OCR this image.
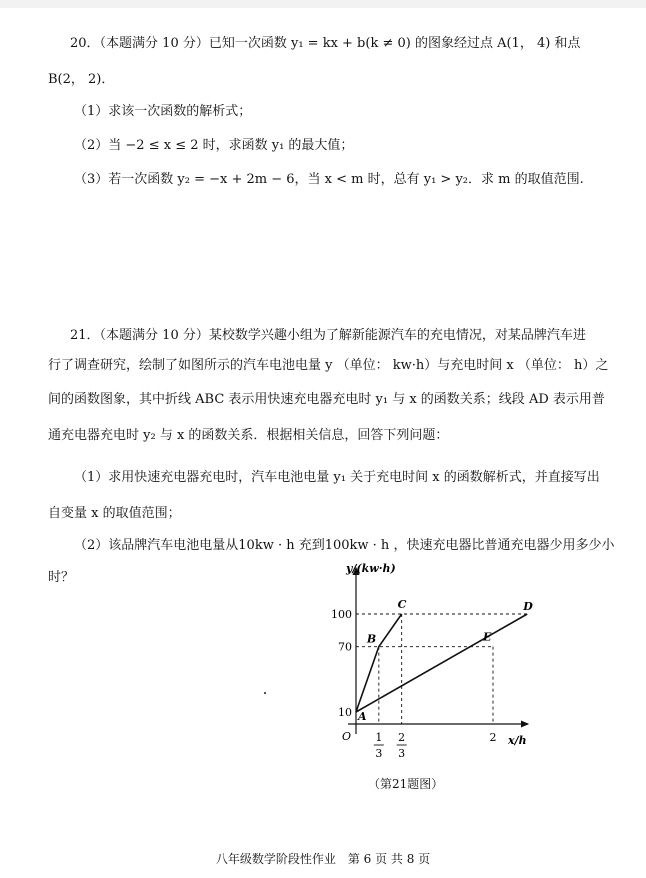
20．（本题满分 10 分）已知一次函数 y₁ = kx + b(k ≠ 0) 的图象经过点 A(1， 4) 和点
B(2， 2)．
（1）求该一次函数的解析式；
（2）当 −2 ≤ x ≤ 2 时，求函数 y₁ 的最大值；
（3）若一次函数 y₂ = −x + 2m − 6，当 x < m 时，总有 y₁ > y₂．求 m 的取值范围.
21．（本题满分 10 分）某校数学兴趣小组为了解新能源汽车的充电情况，对某品牌汽车进
行了调查研究，绘制了如图所示的汽车电池电量 y （单位： kw·h）与充电时间 x （单位： h）之
间的函数图象，其中折线 ABC 表示用快速充电器充电时 y₁ 与 x 的函数关系；线段 AD 表示用普
通充电器充电时 y₂ 与 x 的函数关系．根据相关信息，回答下列问题：
（1）求用快速充电器充电时，汽车电池电量 y₁ 关于充电时间 x 的函数解析式，并直接写出
自变量 x 的取值范围；
（2）该品牌汽车电池电量从10kw · h 充到100kw · h ，快速充电器比普通充电器少用多少小
时？
y/(kw·h)
x/h
O
10
70
100
1
3
2
3
2
A
B
C	D
E
（第21题图）
八年级数学阶段性作业　第 6 页 共 8 页
